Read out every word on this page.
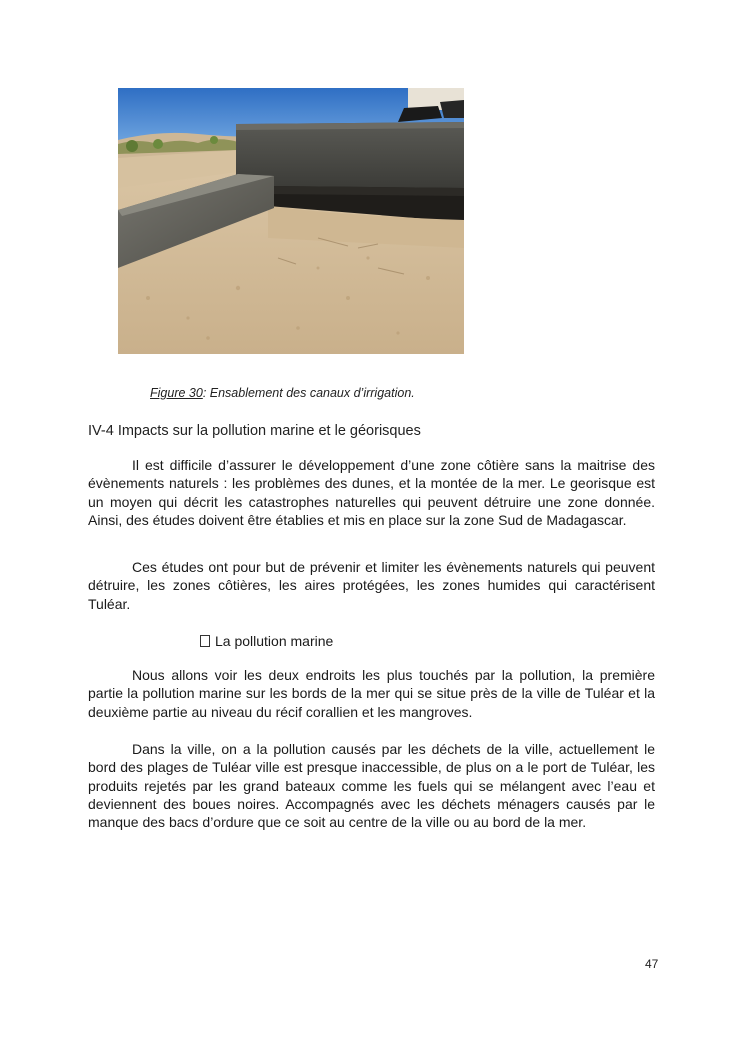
Figure 30: Ensablement des canaux d’irrigation.
IV-4 Impacts sur la pollution marine et le géorisques

Il est difficile d’assurer le développement d’une zone côtière sans la maitrise des évènements naturels : les problèmes des dunes, et la montée de la mer. Le georisque est un moyen qui décrit les catastrophes naturelles qui peuvent détruire une zone donnée. Ainsi, des études doivent être établies et mis en place sur la zone Sud de Madagascar.

Ces études ont pour but de prévenir et limiter les évènements naturels qui peuvent détruire, les zones côtières, les aires protégées, les zones humides qui caractérisent Tuléar.

La pollution marine

Nous allons voir les deux endroits les plus touchés par la pollution, la première partie la pollution marine sur les bords de la mer qui se situe près de la ville de Tuléar et la deuxième partie au niveau du récif corallien et les mangroves.

Dans la ville, on a la pollution causés par les déchets de la ville, actuellement le bord des plages de Tuléar ville est presque inaccessible, de plus on a le port de Tuléar, les produits rejetés par les grand bateaux comme les fuels qui se mélangent avec l’eau et deviennent des boues noires. Accompagnés avec les déchets ménagers causés par le manque des bacs d’ordure que ce soit au centre de la ville ou au bord de la mer.

47
